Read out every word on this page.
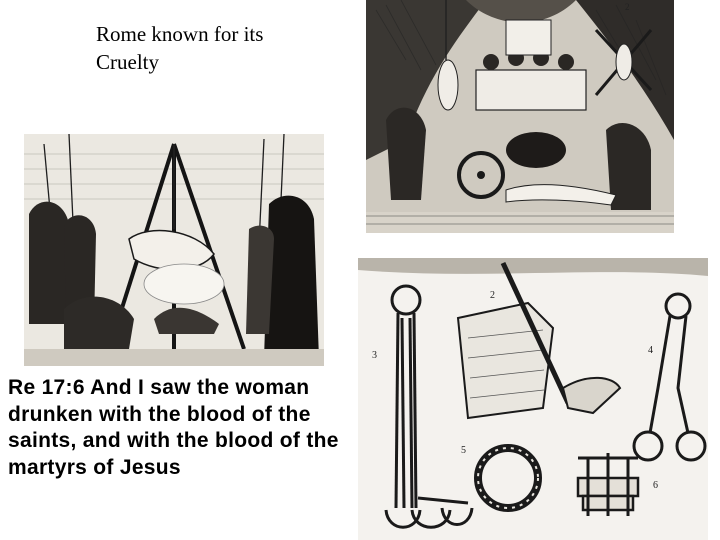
Rome known for its
Cruelty
2
2
4
3
5
6
Re 17:6 And I saw the woman drunken with the blood of the saints, and with the blood of the martyrs of Jesus
